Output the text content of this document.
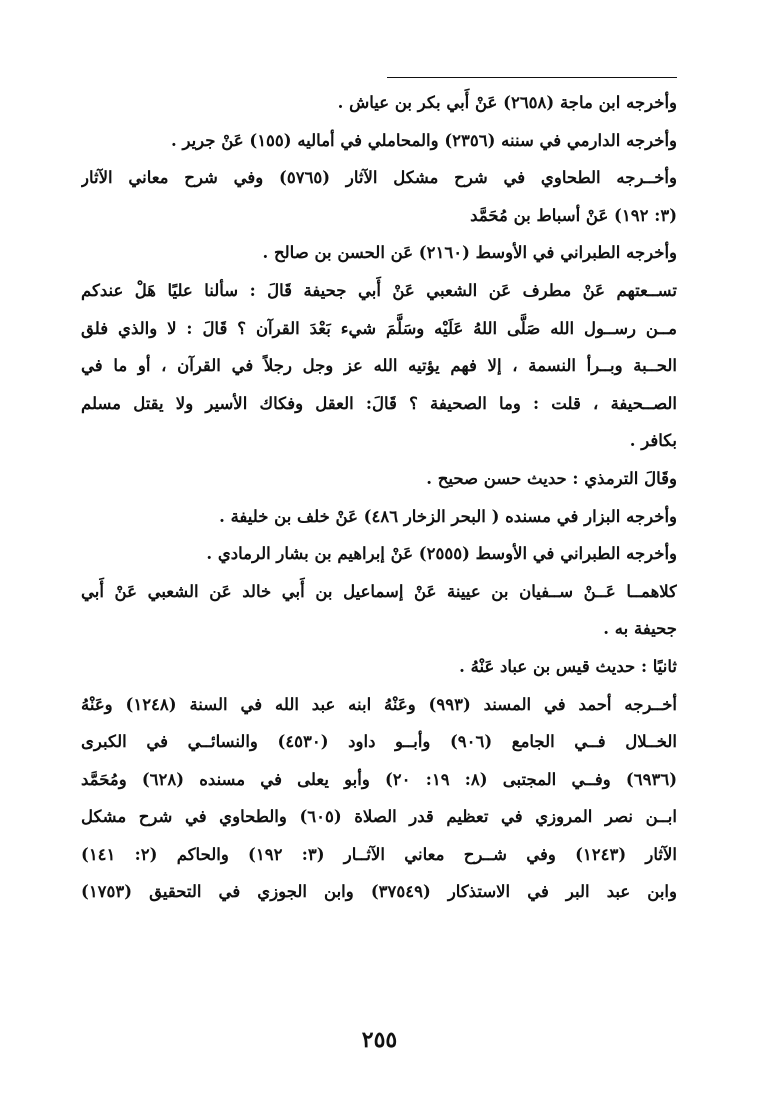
وأخرجه ابن ماجة (٢٦٥٨) عَنْ أَبي بكر بن عياش .
وأخرجه الدارمي في سننه (٢٣٥٦) والمحاملي في أماليه (١٥٥) عَنْ جرير .
وأخــرجه الطحاوي في شرح مشكل الآثار (٥٧٦٥) وفي شرح معاني الآثار
(٣: ١٩٢) عَنْ أسباط بن مُحَمَّد
وأخرجه الطبراني في الأوسط (٢١٦٠) عَن الحسن بن صالح .
تســعتهم عَنْ مطرف عَن الشعبي عَنْ أَبي جحيفة قَالَ : سألنا عليًا هَلْ عندكم
مــن رســول الله صَلَّى اللهُ عَلَيْه وسَلَّمَ شيء بَعْدَ القرآن ؟ قَالَ : لا والذي فلق
الحــبة وبــرأ النسمة ، إلا فهم يؤتيه الله عز وجل رجلاً في القرآن ، أو ما في
الصــحيفة ، قلت : وما الصحيفة ؟ قَالَ: العقل وفكاك الأسير ولا يقتل مسلم
بكافر .
وقَالَ الترمذي : حديث حسن صحيح .
وأخرجه البزار في مسنده ( البحر الزخار ٤٨٦) عَنْ خلف بن خليفة .
وأخرجه الطبراني في الأوسط (٢٥٥٥) عَنْ إبراهيم بن بشار الرمادي .
كلاهمــا عَــنْ ســفيان بن عيينة عَنْ إسماعيل بن أَبي خالد عَن الشعبي عَنْ أَبي
جحيفة به .
ثانيًا : حديث قيس بن عباد عَنْهُ .
أخــرجه أحمد في المسند (٩٩٣) وعَنْهُ ابنه عبد الله في السنة (١٢٤٨) وعَنْهُ
الخــلال فــي الجامع (٩٠٦) وأبــو داود (٤٥٣٠) والنسائــي في الكبرى
(٦٩٣٦) وفــي المجتبى (٨: ١٩: ٢٠) وأبو يعلى في مسنده (٦٢٨) ومُحَمَّد
ابــن نصر المروزي في تعظيم قدر الصلاة (٦٠٥) والطحاوي في شرح مشكل
الآثار (١٢٤٣) وفي شــرح معاني الآثــار (٣: ١٩٢) والحاكم (٢: ١٤١)
وابن عبد البر في الاستذكار (٣٧٥٤٩) وابن الجوزي في التحقيق (١٧٥٣)
٢٥٥
